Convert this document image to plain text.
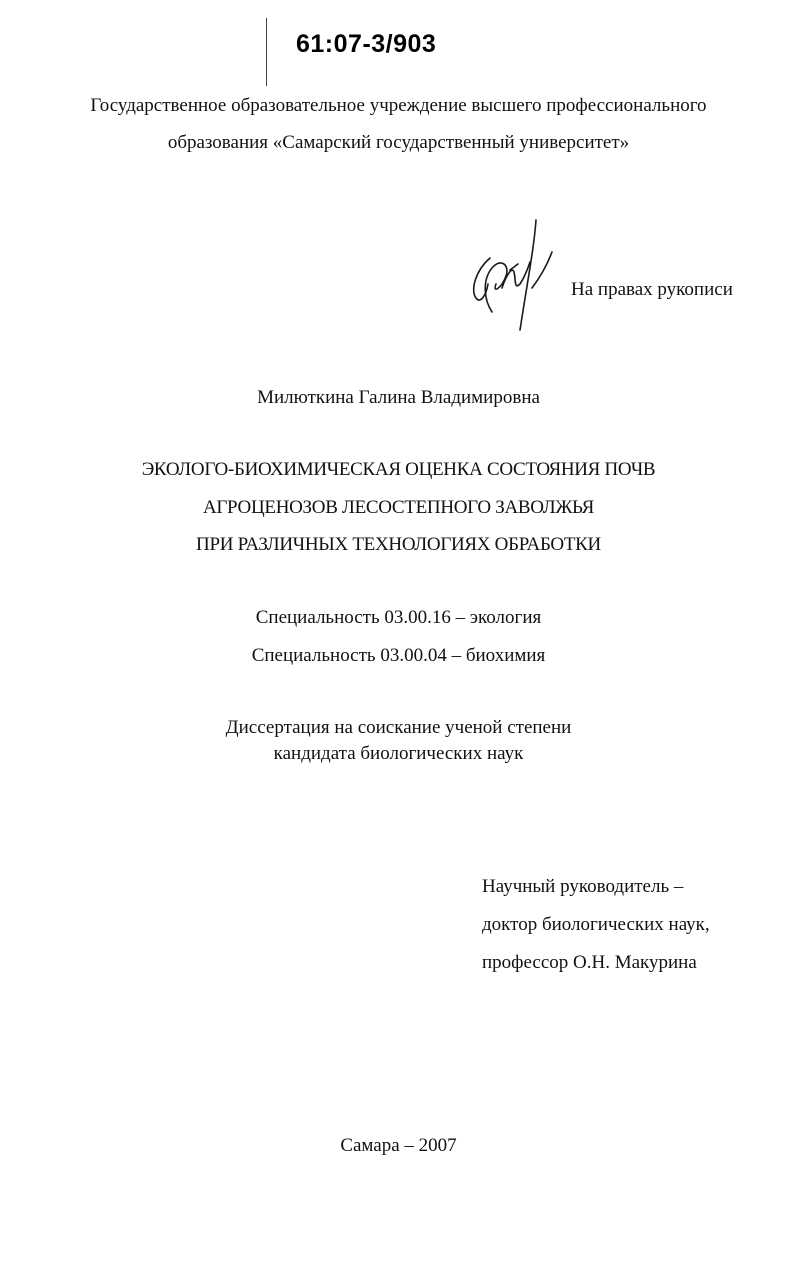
61:07-3/903
Государственное образовательное учреждение высшего профессионального
образования «Самарский государственный университет»
На правах рукописи
Милюткина Галина Владимировна
ЭКОЛОГО-БИОХИМИЧЕСКАЯ ОЦЕНКА СОСТОЯНИЯ ПОЧВ
АГРОЦЕНОЗОВ ЛЕСОСТЕПНОГО ЗАВОЛЖЬЯ
ПРИ РАЗЛИЧНЫХ ТЕХНОЛОГИЯХ ОБРАБОТКИ
Специальность 03.00.16 – экология
Специальность 03.00.04 – биохимия
Диссертация на соискание ученой степени
кандидата биологических наук
Научный руководитель –
доктор биологических наук,
профессор О.Н. Макурина
Самара – 2007
